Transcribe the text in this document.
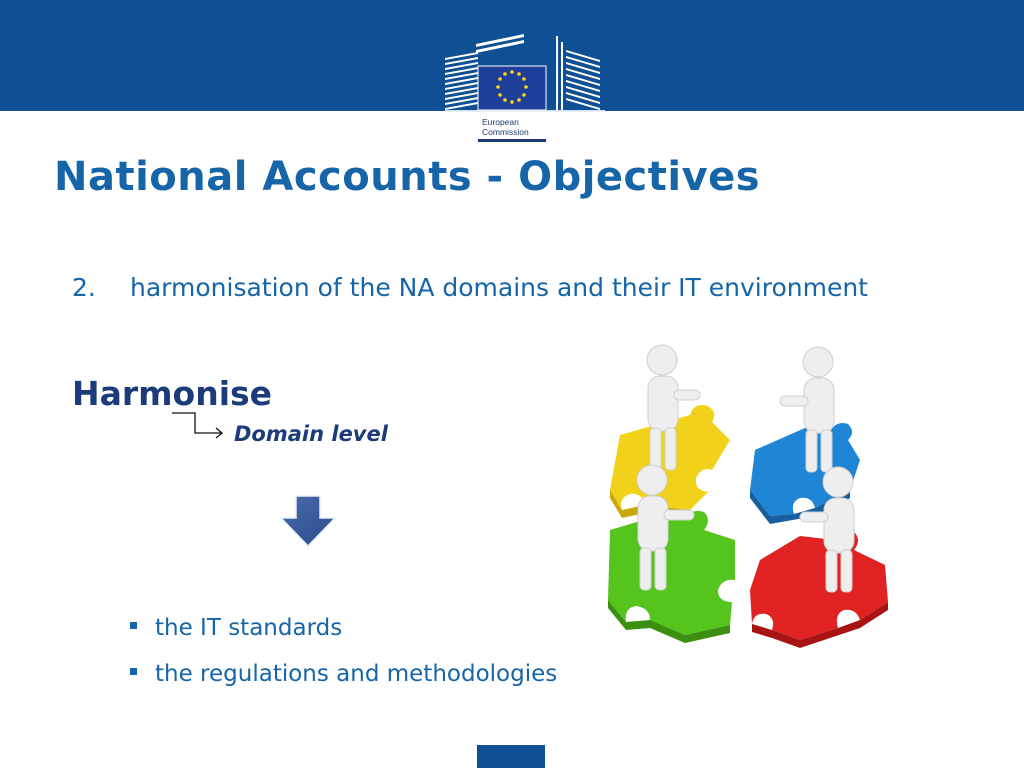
European
Commission
National Accounts - Objectives
2. harmonisation of the NA domains and their IT environment
Harmonise
Domain level
the IT standards
the regulations and methodologies
